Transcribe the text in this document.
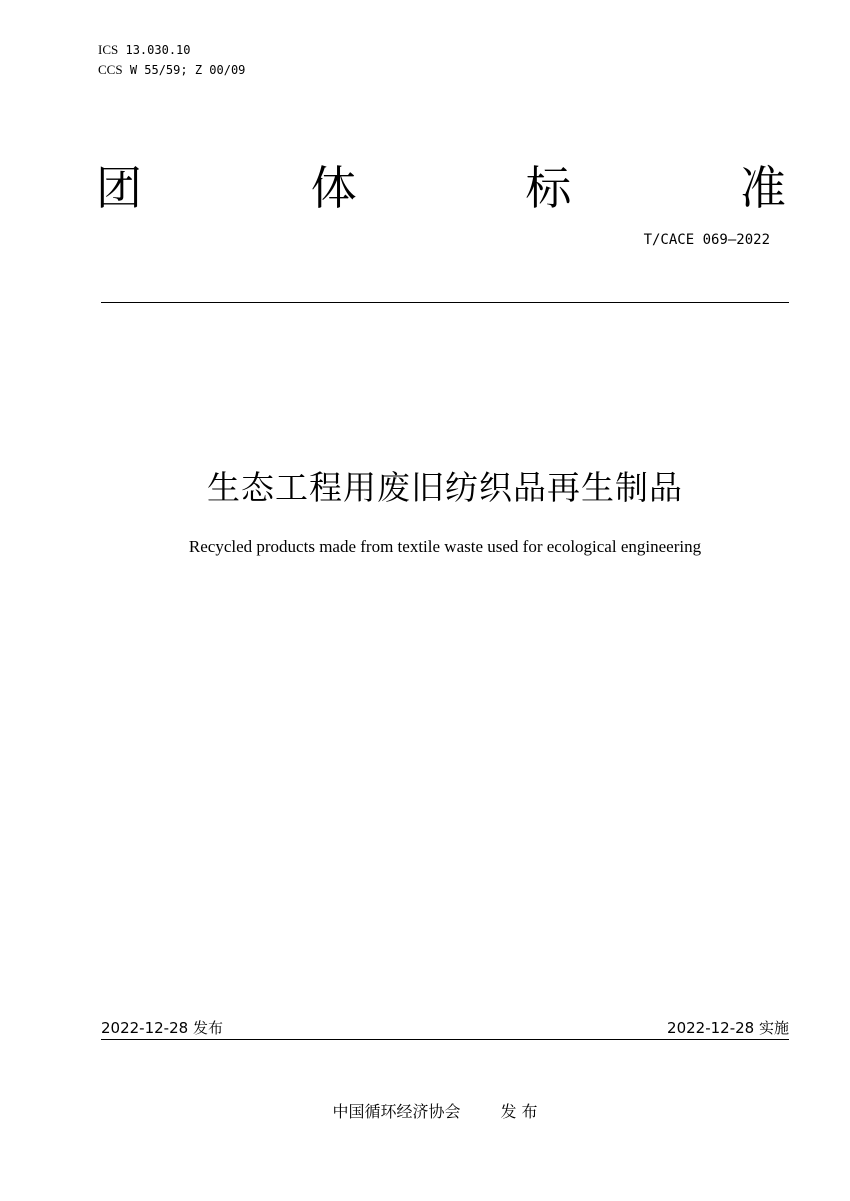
ICS 13.030.10
CCS W 55/59; Z 00/09
团	体	标	准
T/CACE 069—2022
生态工程用废旧纺织品再生制品
Recycled products made from textile waste used for ecological engineering
2022-12-28 发布	2022-12-28 实施
中国循环经济协会	发 布
